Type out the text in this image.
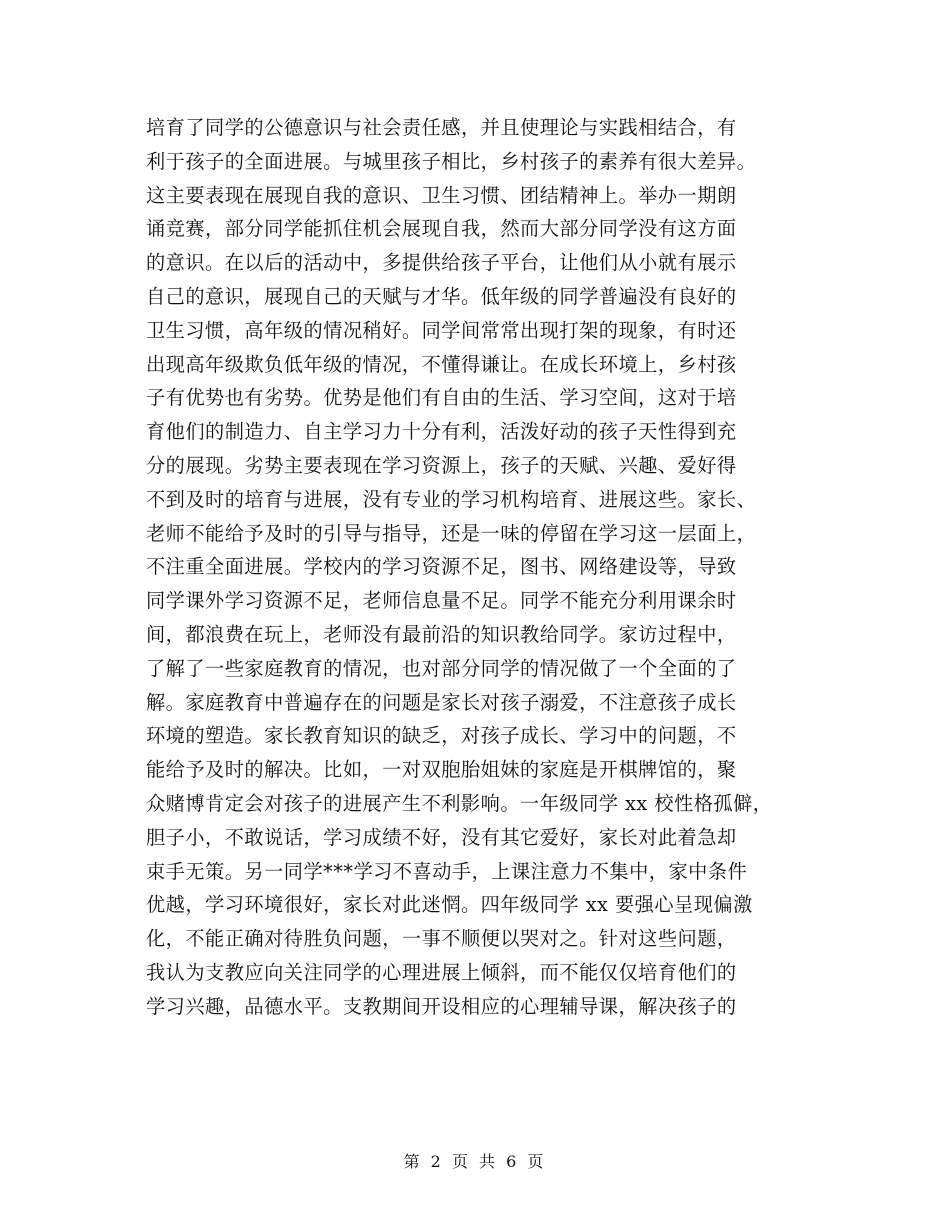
培育了同学的公德意识与社会责任感，并且使理论与实践相结合，有
利于孩子的全面进展。与城里孩子相比，乡村孩子的素养有很大差异。
这主要表现在展现自我的意识、卫生习惯、团结精神上。举办一期朗
诵竞赛，部分同学能抓住机会展现自我，然而大部分同学没有这方面
的意识。在以后的活动中，多提供给孩子平台，让他们从小就有展示
自己的意识，展现自己的天赋与才华。低年级的同学普遍没有良好的
卫生习惯，高年级的情况稍好。同学间常常出现打架的现象，有时还
出现高年级欺负低年级的情况，不懂得谦让。在成长环境上，乡村孩
子有优势也有劣势。优势是他们有自由的生活、学习空间，这对于培
育他们的制造力、自主学习力十分有利，活泼好动的孩子天性得到充
分的展现。劣势主要表现在学习资源上，孩子的天赋、兴趣、爱好得
不到及时的培育与进展，没有专业的学习机构培育、进展这些。家长、
老师不能给予及时的引导与指导，还是一味的停留在学习这一层面上，
不注重全面进展。学校内的学习资源不足，图书、网络建设等，导致
同学课外学习资源不足，老师信息量不足。同学不能充分利用课余时
间，都浪费在玩上，老师没有最前沿的知识教给同学。家访过程中，
了解了一些家庭教育的情况，也对部分同学的情况做了一个全面的了
解。家庭教育中普遍存在的问题是家长对孩子溺爱，不注意孩子成长
环境的塑造。家长教育知识的缺乏，对孩子成长、学习中的问题，不
能给予及时的解决。比如，一对双胞胎姐妹的家庭是开棋牌馆的，聚
众赌博肯定会对孩子的进展产生不利影响。一年级同学 xx 校性格孤僻，
胆子小，不敢说话，学习成绩不好，没有其它爱好，家长对此着急却
束手无策。另一同学***学习不喜动手，上课注意力不集中，家中条件
优越，学习环境很好，家长对此迷惘。四年级同学 xx 要强心呈现偏激
化，不能正确对待胜负问题，一事不顺便以哭对之。针对这些问题，
我认为支教应向关注同学的心理进展上倾斜，而不能仅仅培育他们的
学习兴趣，品德水平。支教期间开设相应的心理辅导课，解决孩子的
第 2 页 共 6 页
